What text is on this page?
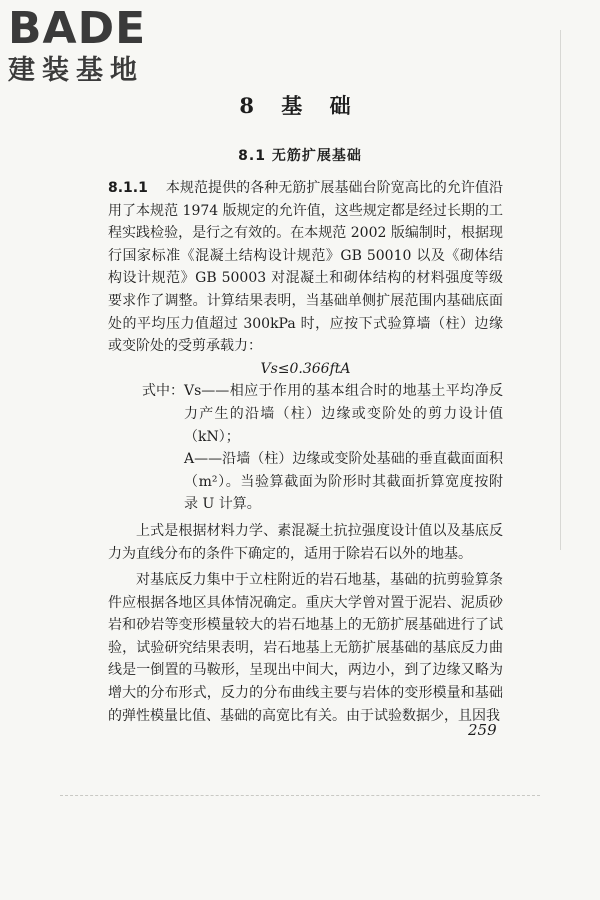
BADE
建装基地
8 基 础
8.1 无筋扩展基础

8.1.1 本规范提供的各种无筋扩展基础台阶宽高比的允许值沿用了本规范 1974 版规定的允许值，这些规定都是经过长期的工程实践检验，是行之有效的。在本规范 2002 版编制时，根据现行国家标准《混凝土结构设计规范》GB 50010 以及《砌体结构设计规范》GB 50003 对混凝土和砌体结构的材料强度等级要求作了调整。计算结果表明，当基础单侧扩展范围内基础底面处的平均压力值超过 300kPa 时，应按下式验算墙（柱）边缘或变阶处的受剪承载力：

Vs≤0.366ftA

式中： Vs——相应于作用的基本组合时的地基土平均净反力产生的沿墙（柱）边缘或变阶处的剪力设计值（kN）；
A——沿墙（柱）边缘或变阶处基础的垂直截面面积（m²）。当验算截面为阶形时其截面折算宽度按附录 U 计算。

上式是根据材料力学、素混凝土抗拉强度设计值以及基底反力为直线分布的条件下确定的，适用于除岩石以外的地基。

对基底反力集中于立柱附近的岩石地基，基础的抗剪验算条件应根据各地区具体情况确定。重庆大学曾对置于泥岩、泥质砂岩和砂岩等变形模量较大的岩石地基上的无筋扩展基础进行了试验，试验研究结果表明，岩石地基上无筋扩展基础的基底反力曲线是一倒置的马鞍形，呈现出中间大，两边小，到了边缘又略为增大的分布形式，反力的分布曲线主要与岩体的变形模量和基础的弹性模量比值、基础的高宽比有关。由于试验数据少，且因我

259
